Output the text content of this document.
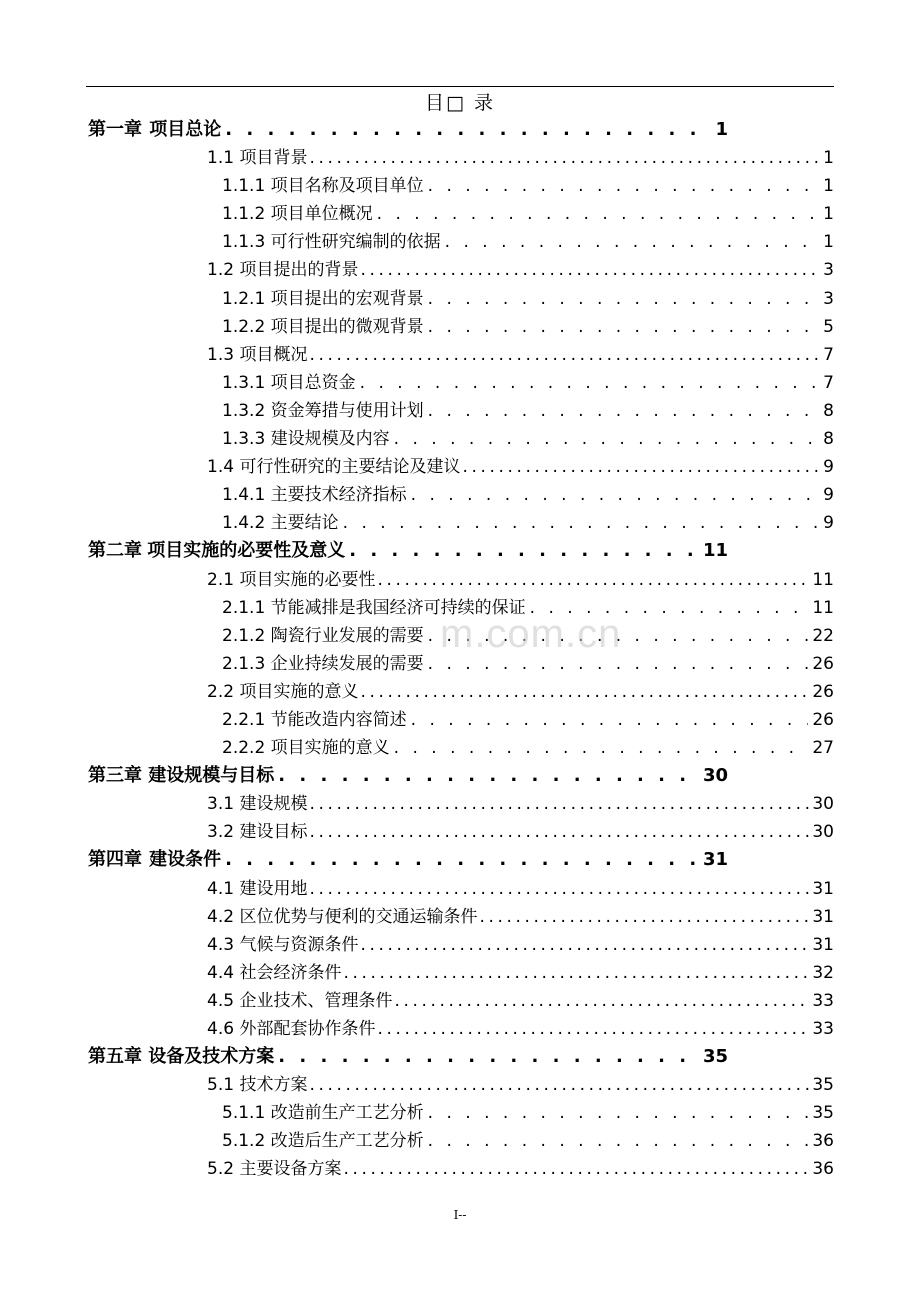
目□ 录
第一章 项目总论 . . .	1
1.1 项目背景 .....	1
1.1.1 项目名称及项目单位 . . .	1
1.1.2 项目单位概况 . . .	1
1.1.3 可行性研究编制的依据 . . .	1
1.2 项目提出的背景 .....	3
1.2.1 项目提出的宏观背景 . . .	3
1.2.2 项目提出的微观背景 . . .	5
1.3 项目概况 .....	7
1.3.1 项目总资金 . . .	7
1.3.2 资金筹措与使用计划 . . .	8
1.3.3 建设规模及内容 . . .	8
1.4 可行性研究的主要结论及建议 .....	9
1.4.1 主要技术经济指标 . . .	9
1.4.2 主要结论 . . .	9
第二章 项目实施的必要性及意义 . . .	11
2.1 项目实施的必要性 .....	11
2.1.1 节能减排是我国经济可持续的保证 . . .	11
2.1.2 陶瓷行业发展的需要 . . .	22
2.1.3 企业持续发展的需要 . . .	26
2.2 项目实施的意义 .....	26
2.2.1 节能改造内容简述 . . .	26
2.2.2 项目实施的意义 . . .	27
第三章 建设规模与目标 . . .	30
3.1 建设规模 .....	30
3.2 建设目标 .....	30
第四章 建设条件 . . .	31
4.1 建设用地 .....	31
4.2 区位优势与便利的交通运输条件 .....	31
4.3 气候与资源条件 .....	31
4.4 社会经济条件 .....	32
4.5 企业技术、管理条件 .....	33
4.6 外部配套协作条件 .....	33
第五章 设备及技术方案 . . .	35
5.1 技术方案 .....	35
5.1.1 改造前生产工艺分析 . . .	35
5.1.2 改造后生产工艺分析 . . .	36
5.2 主要设备方案 .....	36
m.com.cn
I--
